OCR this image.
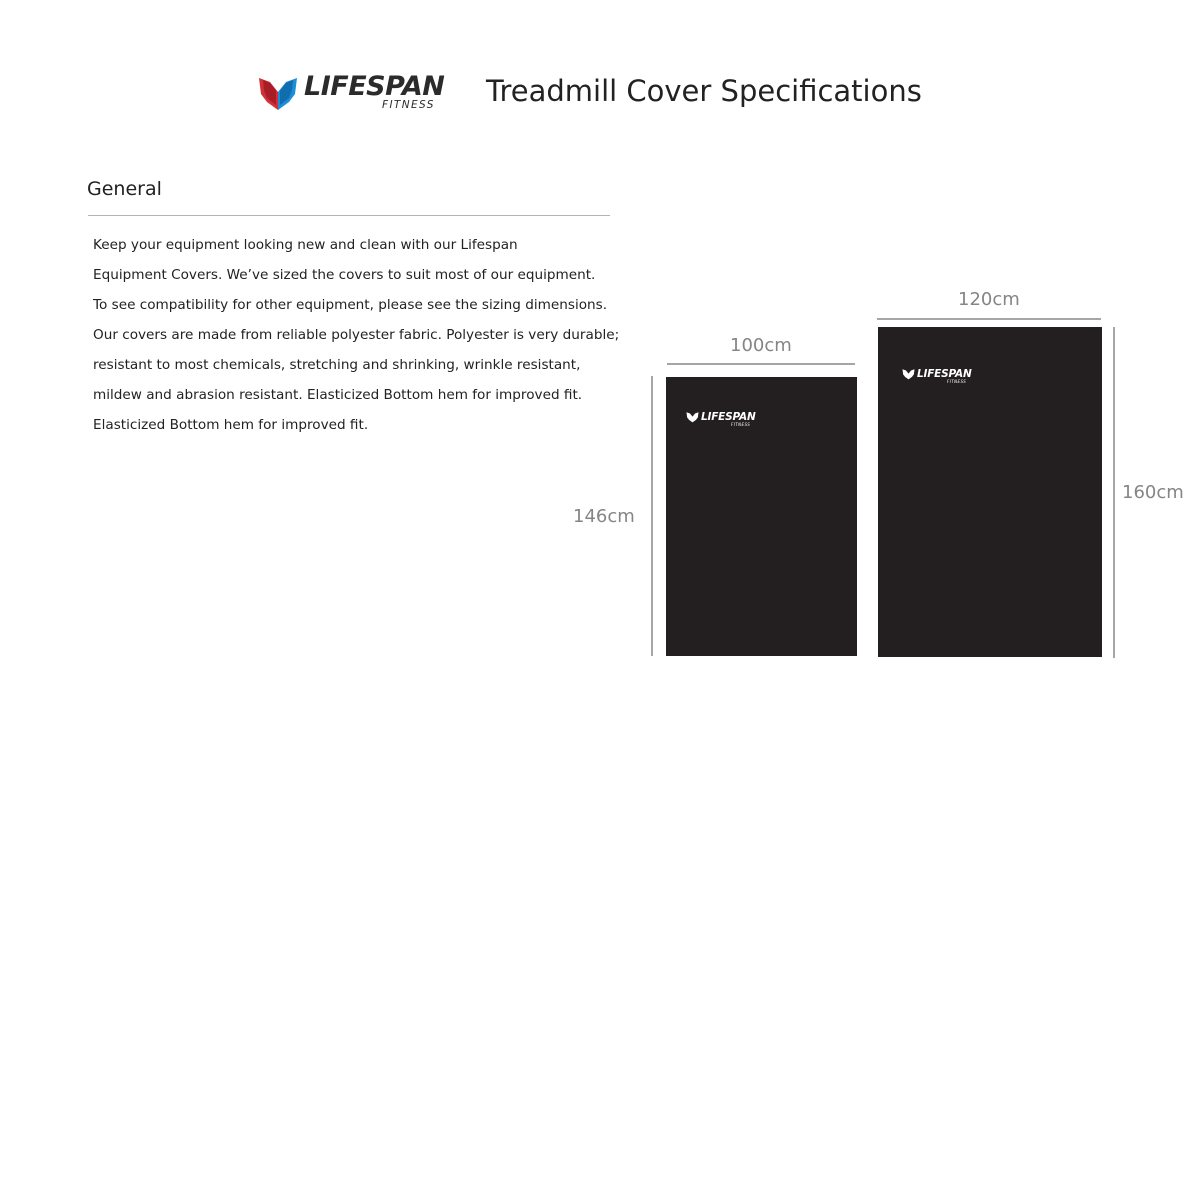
LIFESPAN
FITNESS Treadmill Cover Specifications
General
Keep your equipment looking new and clean with our Lifespan
Equipment Covers. We’ve sized the covers to suit most of our equipment.
To see compatibility for other equipment, please see the sizing dimensions.
Our covers are made from reliable polyester fabric. Polyester is very durable;
resistant to most chemicals, stretching and shrinking, wrinkle resistant,
mildew and abrasion resistant. Elasticized Bottom hem for improved fit.
Elasticized Bottom hem for improved fit.
100cm
146cm
LIFESPAN
FITNESS
120cm
160cm
LIFESPAN
FITNESS
